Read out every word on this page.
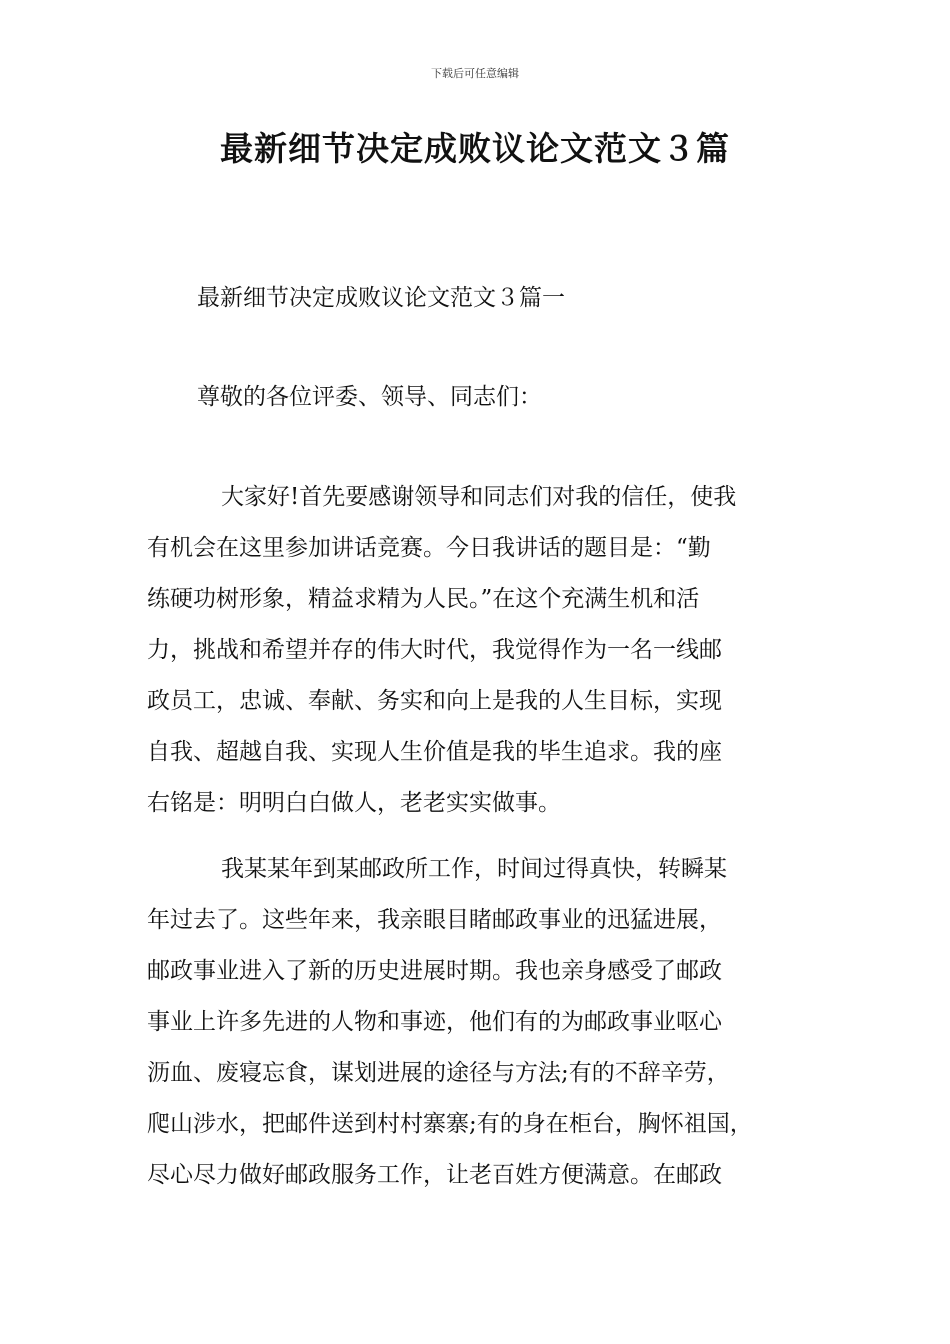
下载后可任意编辑
最新细节决定成败议论文范文３篇
最新细节决定成败议论文范文３篇一
尊敬的各位评委、领导、同志们：
大家好!首先要感谢领导和同志们对我的信任，使我
有机会在这里参加讲话竞赛。今日我讲话的题目是：“勤
练硬功树形象，精益求精为人民。”在这个充满生机和活
力，挑战和希望并存的伟大时代，我觉得作为一名一线邮
政员工，忠诚、奉献、务实和向上是我的人生目标，实现
自我、超越自我、实现人生价值是我的毕生追求。我的座
右铭是：明明白白做人，老老实实做事。
我某某年到某邮政所工作，时间过得真快，转瞬某
年过去了。这些年来，我亲眼目睹邮政事业的迅猛进展，
邮政事业进入了新的历史进展时期。我也亲身感受了邮政
事业上许多先进的人物和事迹，他们有的为邮政事业呕心
沥血、废寝忘食，谋划进展的途径与方法;有的不辞辛劳，
爬山涉水，把邮件送到村村寨寨;有的身在柜台，胸怀祖国，
尽心尽力做好邮政服务工作，让老百姓方便满意。在邮政
